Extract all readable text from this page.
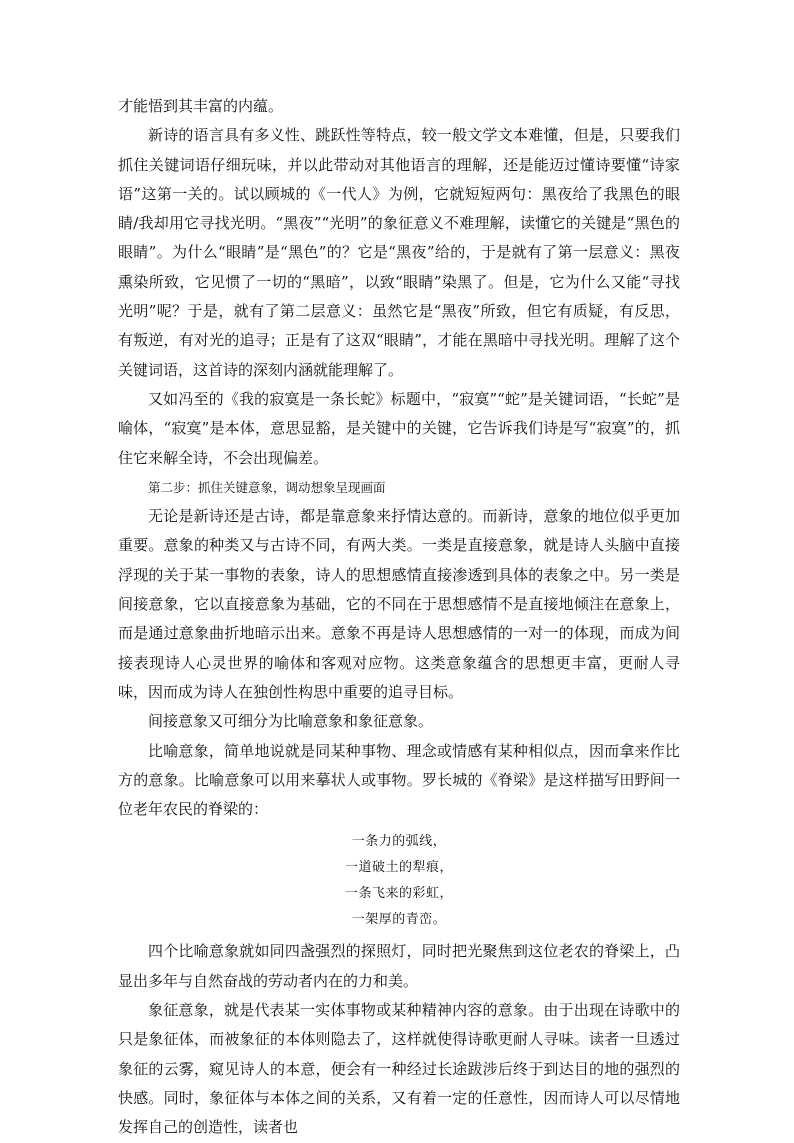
才能悟到其丰富的内蕴。

新诗的语言具有多义性、跳跃性等特点，较一般文学文本难懂，但是，只要我们抓住关键词语仔细玩味，并以此带动对其他语言的理解，还是能迈过懂诗要懂“诗家语”这第一关的。试以顾城的《一代人》为例，它就短短两句：黑夜给了我黑色的眼睛/我却用它寻找光明。“黑夜”“光明”的象征意义不难理解，读懂它的关键是“黑色的眼睛”。为什么“眼睛”是“黑色”的？它是“黑夜”给的，于是就有了第一层意义：黑夜熏染所致，它见惯了一切的“黑暗”，以致“眼睛”染黑了。但是，它为什么又能“寻找光明”呢？于是，就有了第二层意义：虽然它是“黑夜”所致，但它有质疑，有反思，有叛逆，有对光的追寻；正是有了这双“眼睛”，才能在黑暗中寻找光明。理解了这个关键词语，这首诗的深刻内涵就能理解了。

又如冯至的《我的寂寞是一条长蛇》标题中，“寂寞”“蛇”是关键词语，“长蛇”是喻体，“寂寞”是本体，意思显豁，是关键中的关键，它告诉我们诗是写“寂寞”的，抓住它来解全诗，不会出现偏差。

第二步：抓住关键意象，调动想象呈现画面

无论是新诗还是古诗，都是靠意象来抒情达意的。而新诗，意象的地位似乎更加重要。意象的种类又与古诗不同，有两大类。一类是直接意象，就是诗人头脑中直接浮现的关于某一事物的表象，诗人的思想感情直接渗透到具体的表象之中。另一类是间接意象，它以直接意象为基础，它的不同在于思想感情不是直接地倾注在意象上，而是通过意象曲折地暗示出来。意象不再是诗人思想感情的一对一的体现，而成为间接表现诗人心灵世界的喻体和客观对应物。这类意象蕴含的思想更丰富，更耐人寻味，因而成为诗人在独创性构思中重要的追寻目标。

间接意象又可细分为比喻意象和象征意象。

比喻意象，简单地说就是同某种事物、理念或情感有某种相似点，因而拿来作比方的意象。比喻意象可以用来摹状人或事物。罗长城的《脊梁》是这样描写田野间一位老年农民的脊梁的：

一条力的弧线，
一道破土的犁痕，
一条飞来的彩虹，
一架厚的青峦。

四个比喻意象就如同四盏强烈的探照灯，同时把光聚焦到这位老农的脊梁上，凸显出多年与自然奋战的劳动者内在的力和美。

象征意象，就是代表某一实体事物或某种精神内容的意象。由于出现在诗歌中的只是象征体，而被象征的本体则隐去了，这样就使得诗歌更耐人寻味。读者一旦透过象征的云雾，窥见诗人的本意，便会有一种经过长途跋涉后终于到达目的地的强烈的快感。同时，象征体与本体之间的关系，又有着一定的任意性，因而诗人可以尽情地发挥自己的创造性，读者也
